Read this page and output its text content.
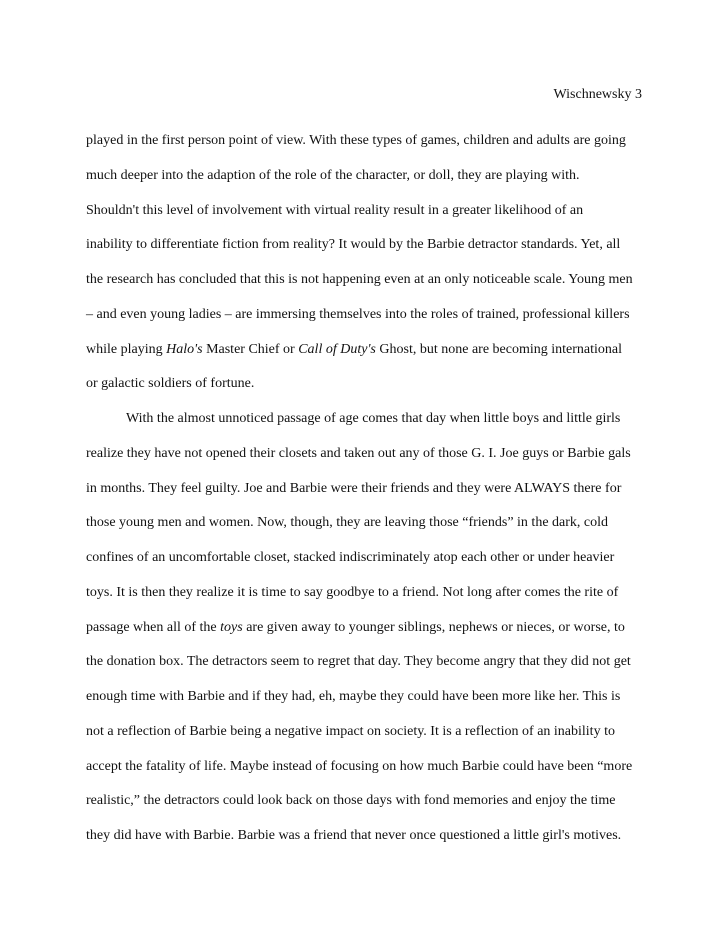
Wischnewsky 3
played in the first person point of view. With these types of games, children and adults are going
much deeper into the adaption of the role of the character, or doll, they are playing with.
Shouldn't this level of involvement with virtual reality result in a greater likelihood of an
inability to differentiate fiction from reality? It would by the Barbie detractor standards. Yet, all
the research has concluded that this is not happening even at an only noticeable scale. Young men
– and even young ladies – are immersing themselves into the roles of trained, professional killers
while playing Halo's Master Chief or Call of Duty's Ghost, but none are becoming international
or galactic soldiers of fortune.
With the almost unnoticed passage of age comes that day when little boys and little girls
realize they have not opened their closets and taken out any of those G. I. Joe guys or Barbie gals
in months. They feel guilty. Joe and Barbie were their friends and they were ALWAYS there for
those young men and women. Now, though, they are leaving those “friends” in the dark, cold
confines of an uncomfortable closet, stacked indiscriminately atop each other or under heavier
toys. It is then they realize it is time to say goodbye to a friend. Not long after comes the rite of
passage when all of the toys are given away to younger siblings, nephews or nieces, or worse, to
the donation box. The detractors seem to regret that day. They become angry that they did not get
enough time with Barbie and if they had, eh, maybe they could have been more like her. This is
not a reflection of Barbie being a negative impact on society. It is a reflection of an inability to
accept the fatality of life. Maybe instead of focusing on how much Barbie could have been “more
realistic,” the detractors could look back on those days with fond memories and enjoy the time
they did have with Barbie. Barbie was a friend that never once questioned a little girl's motives.
